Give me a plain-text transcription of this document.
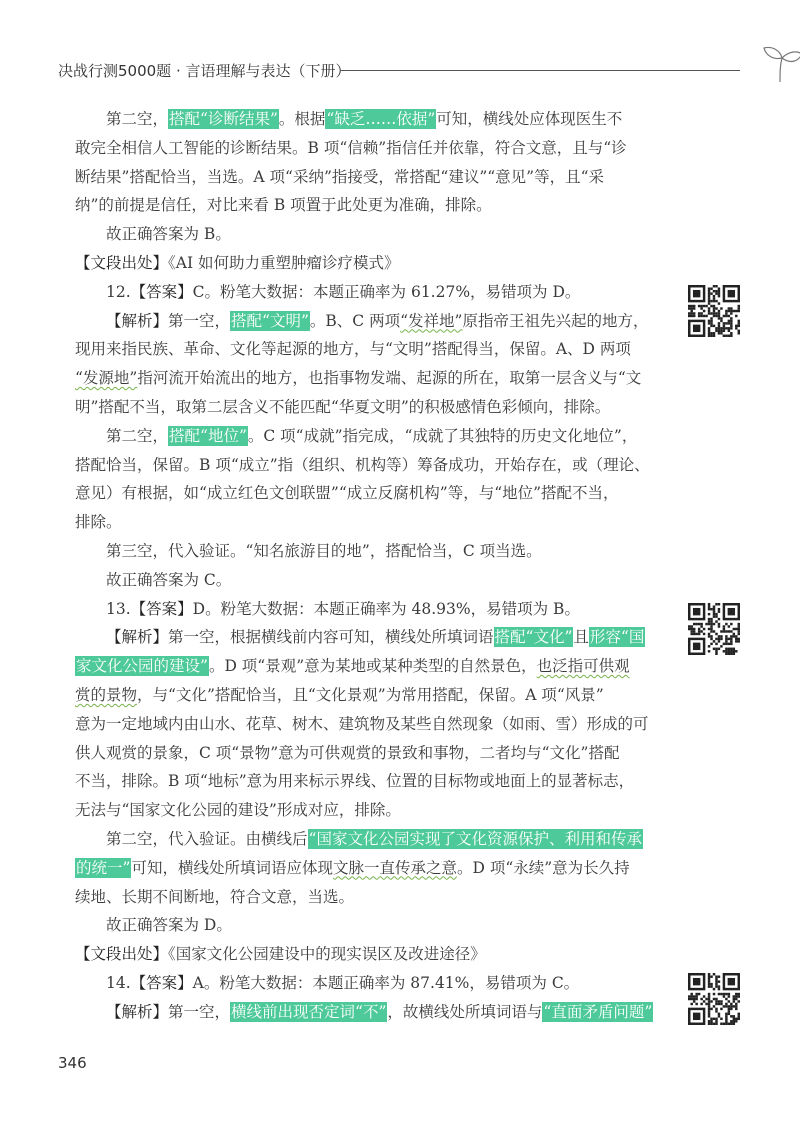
决战行测5000题 · 言语理解与表达（下册）
第二空，搭配“诊断结果”。根据“缺乏……依据”可知，横线处应体现医生不
敢完全相信人工智能的诊断结果。B 项“信赖”指信任并依靠，符合文意，且与“诊
断结果”搭配恰当，当选。A 项“采纳”指接受，常搭配“建议”“意见”等，且“采
纳”的前提是信任，对比来看 B 项置于此处更为准确，排除。
故正确答案为 B。
【文段出处】《AI 如何助力重塑肿瘤诊疗模式》
12.【答案】C。粉笔大数据：本题正确率为 61.27%，易错项为 D。
【解析】第一空，搭配“文明”。B、C 两项“发祥地”原指帝王祖先兴起的地方，
现用来指民族、革命、文化等起源的地方，与“文明”搭配得当，保留。A、D 两项
“发源地”指河流开始流出的地方，也指事物发端、起源的所在，取第一层含义与“文
明”搭配不当，取第二层含义不能匹配“华夏文明”的积极感情色彩倾向，排除。
第二空，搭配“地位”。C 项“成就”指完成，“成就了其独特的历史文化地位”，
搭配恰当，保留。B 项“成立”指（组织、机构等）筹备成功，开始存在，或（理论、
意见）有根据，如“成立红色文创联盟”“成立反腐机构”等，与“地位”搭配不当，
排除。
第三空，代入验证。“知名旅游目的地”，搭配恰当，C 项当选。
故正确答案为 C。
13.【答案】D。粉笔大数据：本题正确率为 48.93%，易错项为 B。
【解析】第一空，根据横线前内容可知，横线处所填词语搭配“文化”且形容“国
家文化公园的建设”。D 项“景观”意为某地或某种类型的自然景色，也泛指可供观
赏的景物，与“文化”搭配恰当，且“文化景观”为常用搭配，保留。A 项“风景”
意为一定地域内由山水、花草、树木、建筑物及某些自然现象（如雨、雪）形成的可
供人观赏的景象，C 项“景物”意为可供观赏的景致和事物，二者均与“文化”搭配
不当，排除。B 项“地标”意为用来标示界线、位置的目标物或地面上的显著标志，
无法与“国家文化公园的建设”形成对应，排除。
第二空，代入验证。由横线后“国家文化公园实现了文化资源保护、利用和传承
的统一”可知，横线处所填词语应体现文脉一直传承之意。D 项“永续”意为长久持
续地、长期不间断地，符合文意，当选。
故正确答案为 D。
【文段出处】《国家文化公园建设中的现实误区及改进途径》
14.【答案】A。粉笔大数据：本题正确率为 87.41%，易错项为 C。
【解析】第一空，横线前出现否定词“不”，故横线处所填词语与“直面矛盾问题”
346
